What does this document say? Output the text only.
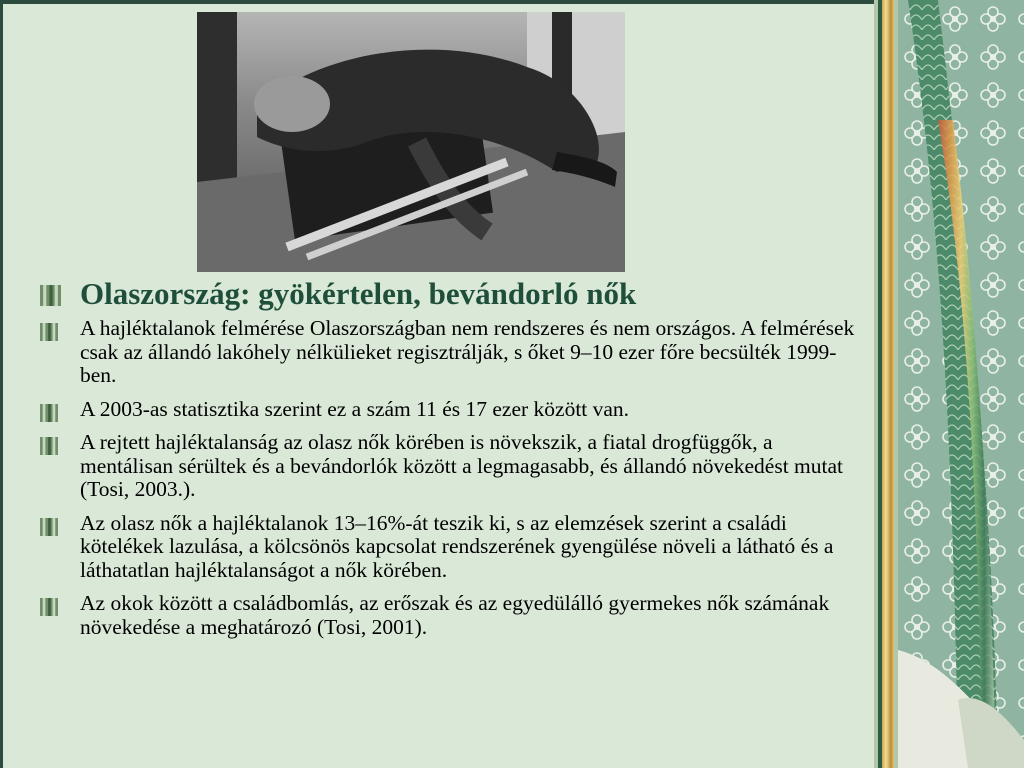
Olaszország: gyökértelen, bevándorló nők
A hajléktalanok felmérése Olaszországban nem rendszeres és nem országos. A felmérések csak az állandó lakóhely nélkülieket regisztrálják, s őket 9–10 ezer főre becsülték 1999-ben.
A 2003-as statisztika szerint ez a szám 11 és 17 ezer között van.
A rejtett hajléktalanság az olasz nők körében is növekszik, a fiatal drogfüggők, a mentálisan sérültek és a bevándorlók között a legmagasabb, és állandó növekedést mutat (Tosi, 2003.).
Az olasz nők a hajléktalanok 13–16%-át teszik ki, s az elemzések szerint a családi kötelékek lazulása, a kölcsönös kapcsolat rendszerének gyengülése növeli a látható és a láthatatlan hajléktalanságot a nők körében.
Az okok között a családbomlás, az erőszak és az egyedülálló gyermekes nők számának növekedése a meghatározó (Tosi, 2001).
